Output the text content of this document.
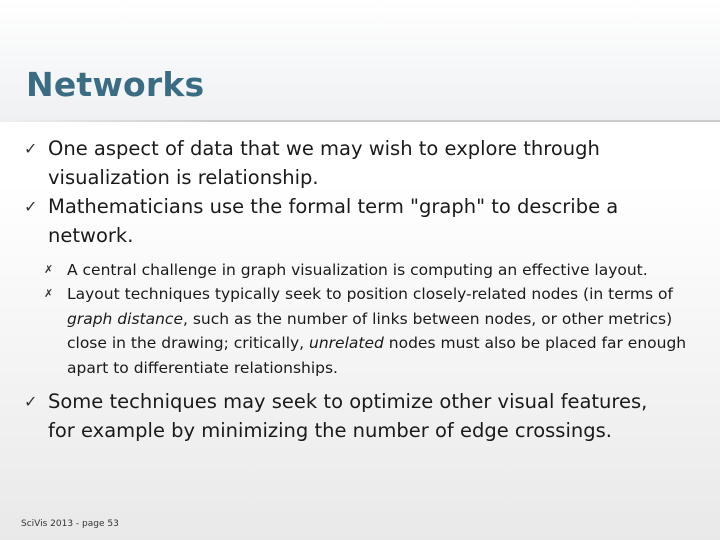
Networks
✓ One aspect of data that we may wish to explore through visualization is relationship.
✓ Mathematicians use the formal term "graph" to describe a network.
✗ A central challenge in graph visualization is computing an effective layout.
✗ Layout techniques typically seek to position closely-related nodes (in terms of graph distance, such as the number of links between nodes, or other metrics) close in the drawing; critically, unrelated nodes must also be placed far enough apart to differentiate relationships.
✓ Some techniques may seek to optimize other visual features, for example by minimizing the number of edge crossings.
SciVis 2013 - page 53
